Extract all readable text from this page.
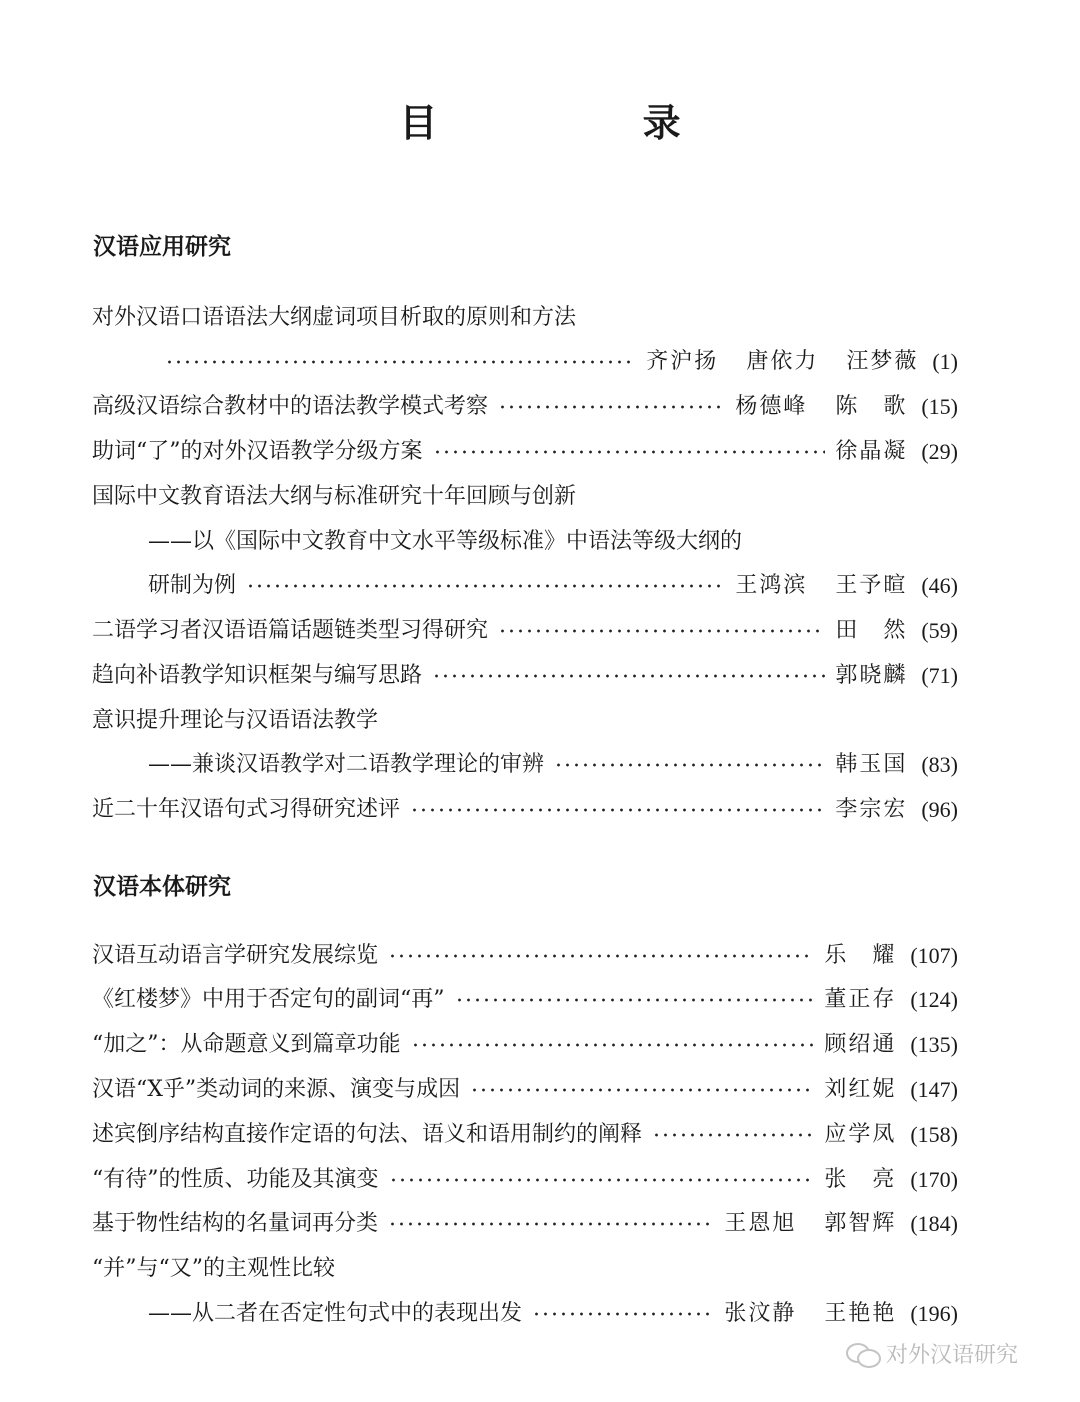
目 录
汉语应用研究
对外汉语口语语法大纲虚词项目析取的原则和方法
齐沪扬 唐依力 汪梦薇 (1)
高级汉语综合教材中的语法教学模式考察	杨德峰 陈　歌 (15)
助词“了”的对外汉语教学分级方案	徐晶凝 (29)
国际中文教育语法大纲与标准研究十年回顾与创新
——以《国际中文教育中文水平等级标准》中语法等级大纲的
研制为例	王鸿滨 王予暄 (46)
二语学习者汉语语篇话题链类型习得研究	田　然 (59)
趋向补语教学知识框架与编写思路	郭晓麟 (71)
意识提升理论与汉语语法教学
——兼谈汉语教学对二语教学理论的审辨	韩玉国 (83)
近二十年汉语句式习得研究述评	李宗宏 (96)
汉语本体研究
汉语互动语言学研究发展综览	乐　耀 (107)
《红楼梦》中用于否定句的副词“再”	董正存 (124)
“加之”：从命题意义到篇章功能	顾绍通 (135)
汉语“X乎”类动词的来源、演变与成因	刘红妮 (147)
述宾倒序结构直接作定语的句法、语义和语用制约的阐释	应学凤 (158)
“有待”的性质、功能及其演变	张　亮 (170)
基于物性结构的名量词再分类	王恩旭 郭智辉 (184)
“并”与“又”的主观性比较
——从二者在否定性句式中的表现出发	张汶静 王艳艳 (196)
对外汉语研究
